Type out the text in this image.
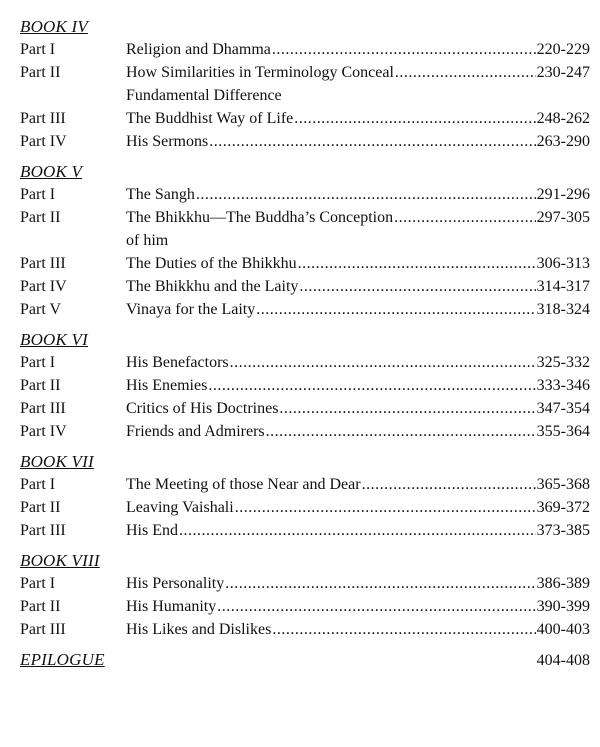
BOOK IV
Part I	Religion and Dhamma .....	220-229
Part II	How Similarities in Terminology Conceal .....	230-247
Fundamental Difference
Part III	The Buddhist Way of Life .....	248-262
Part IV	His Sermons .....	263-290
BOOK V
Part I	The Sangh .....	291-296
Part II	The Bhikkhu—The Buddha’s Conception .....	297-305
of him
Part III	The Duties of the Bhikkhu .....	306-313
Part IV	The Bhikkhu and the Laity .....	314-317
Part V	Vinaya for the Laity .....	318-324
BOOK VI
Part I	His Benefactors .....	325-332
Part II	His Enemies .....	333-346
Part III	Critics of His Doctrines .....	347-354
Part IV	Friends and Admirers .....	355-364
BOOK VII
Part I	The Meeting of those Near and Dear .....	365-368
Part II	Leaving Vaishali .....	369-372
Part III	His End .....	373-385
BOOK VIII
Part I	His Personality .....	386-389
Part II	His Humanity .....	390-399
Part III	His Likes and Dislikes .....	400-403
EPILOGUE	404-408
